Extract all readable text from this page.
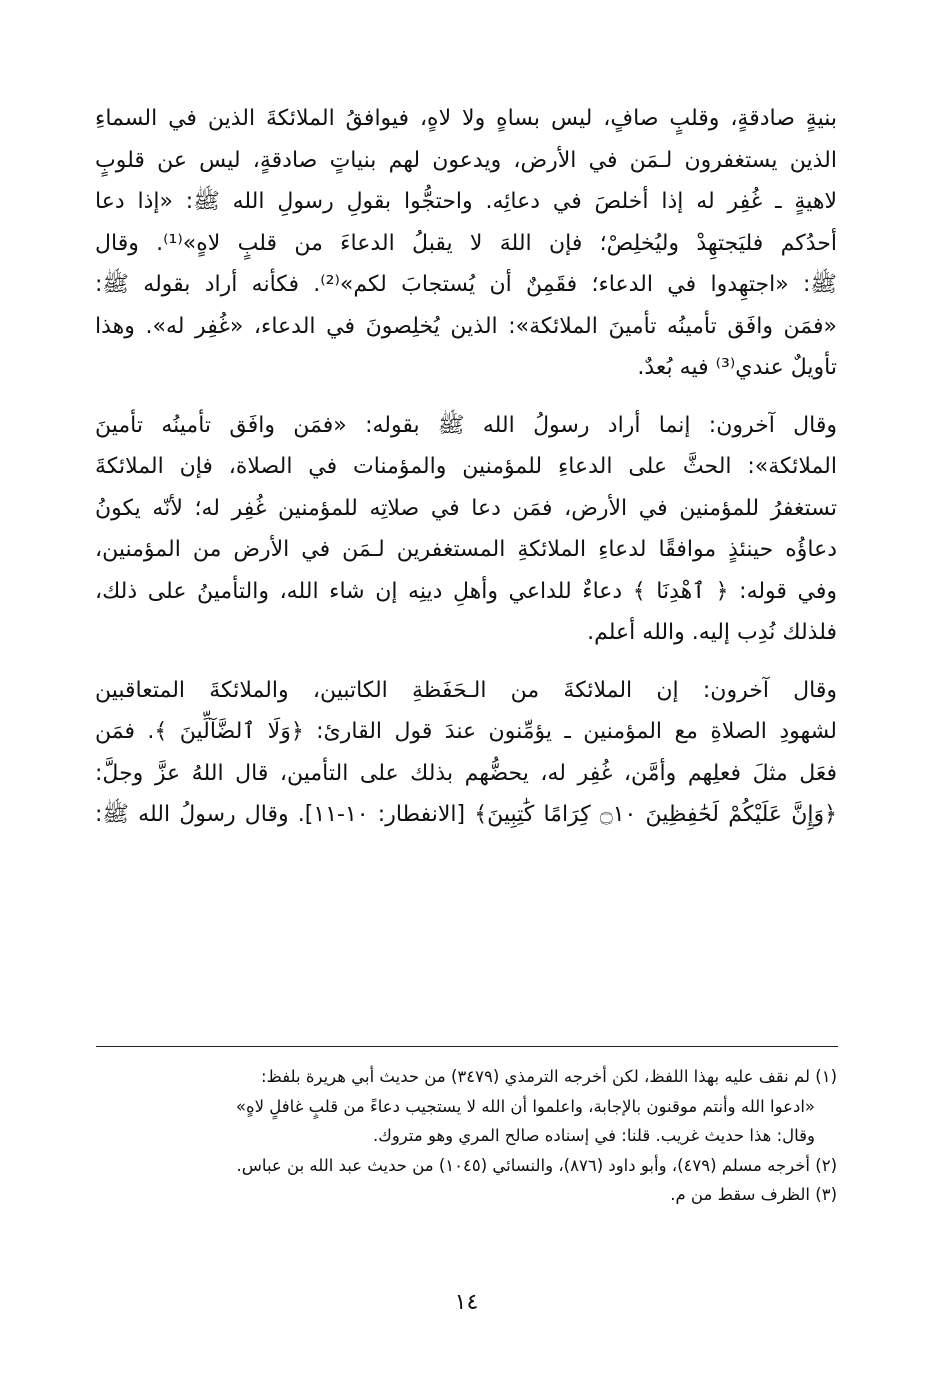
بنيةٍ صادقةٍ، وقلبٍ صافٍ، ليس بساهٍ ولا لاهٍ، فيوافقُ الملائكةَ الذين في السماءِ
الذين يستغفرون لـمَن في الأرض، ويدعون لهم بنياتٍ صادقةٍ، ليس عن قلوبٍ
لاهيةٍ ـ غُفِر له إذا أخلصَ في دعائِه. واحتجُّوا بقولِ رسولِ الله ﷺ: «إذا دعا
أحدُكم فليَجتهِدْ وليُخلِصْ؛ فإن اللهَ لا يقبلُ الدعاءَ من قلبٍ لاهٍ»⁽¹⁾. وقال
ﷺ: «اجتهِدوا في الدعاء؛ فقَمِنٌ أن يُستجابَ لكم»⁽²⁾. فكأنه أراد بقوله ﷺ:
«فمَن وافَق تأمينُه تأمينَ الملائكة»: الذين يُخلِصونَ في الدعاء، «غُفِر له». وهذا
تأويلٌ عندي⁽³⁾ فيه بُعدٌ.

وقال آخرون: إنما أراد رسولُ الله ﷺ بقوله: «فمَن وافَق تأمينُه تأمينَ
الملائكة»: الحثَّ على الدعاءِ للمؤمنين والمؤمنات في الصلاة، فإن الملائكةَ
تستغفرُ للمؤمنين في الأرض، فمَن دعا في صلاتِه للمؤمنين غُفِر له؛ لأنّه يكونُ
دعاؤُه حينئذٍ موافقًا لدعاءِ الملائكةِ المستغفرين لـمَن في الأرض من المؤمنين،
وفي قوله: ﴿ ٱهْدِنَا ﴾ دعاءٌ للداعي وأهلِ دينِه إن شاء الله، والتأمينُ على ذلك،
فلذلك نُدِب إليه. والله أعلم.

وقال آخرون: إن الملائكةَ من الـحَفَظةِ الكاتبين، والملائكةَ المتعاقبين
لشهودِ الصلاةِ مع المؤمنين ـ يؤمِّنون عندَ قول القارئ: ﴿وَلَا ٱلضَّآلِّينَ ﴾. فمَن
فعَل مثلَ فعلِهم وأمَّن، غُفِر له، يحضُّهم بذلك على التأمين، قال اللهُ عزَّ وجلَّ:
﴿وَإِنَّ عَلَيْكُمْ لَحَٰفِظِينَ ۝١٠ كِرَامًا كَٰتِبِينَ﴾ [الانفطار: ١٠-١١]. وقال رسولُ الله ﷺ:

(١) لم نقف عليه بهذا اللفظ، لكن أخرجه الترمذي (٣٤٧٩) من حديث أبي هريرة بلفظ:
«ادعوا الله وأنتم موقنون بالإجابة، واعلموا أن الله لا يستجيب دعاءً من قلبٍ غافلٍ لاهٍ»
وقال: هذا حديث غريب. قلنا: في إسناده صالح المري وهو متروك.
(٢) أخرجه مسلم (٤٧٩)، وأبو داود (٨٧٦)، والنسائي (١٠٤٥) من حديث عبد الله بن عباس.
(٣) الظرف سقط من م.
١٤
